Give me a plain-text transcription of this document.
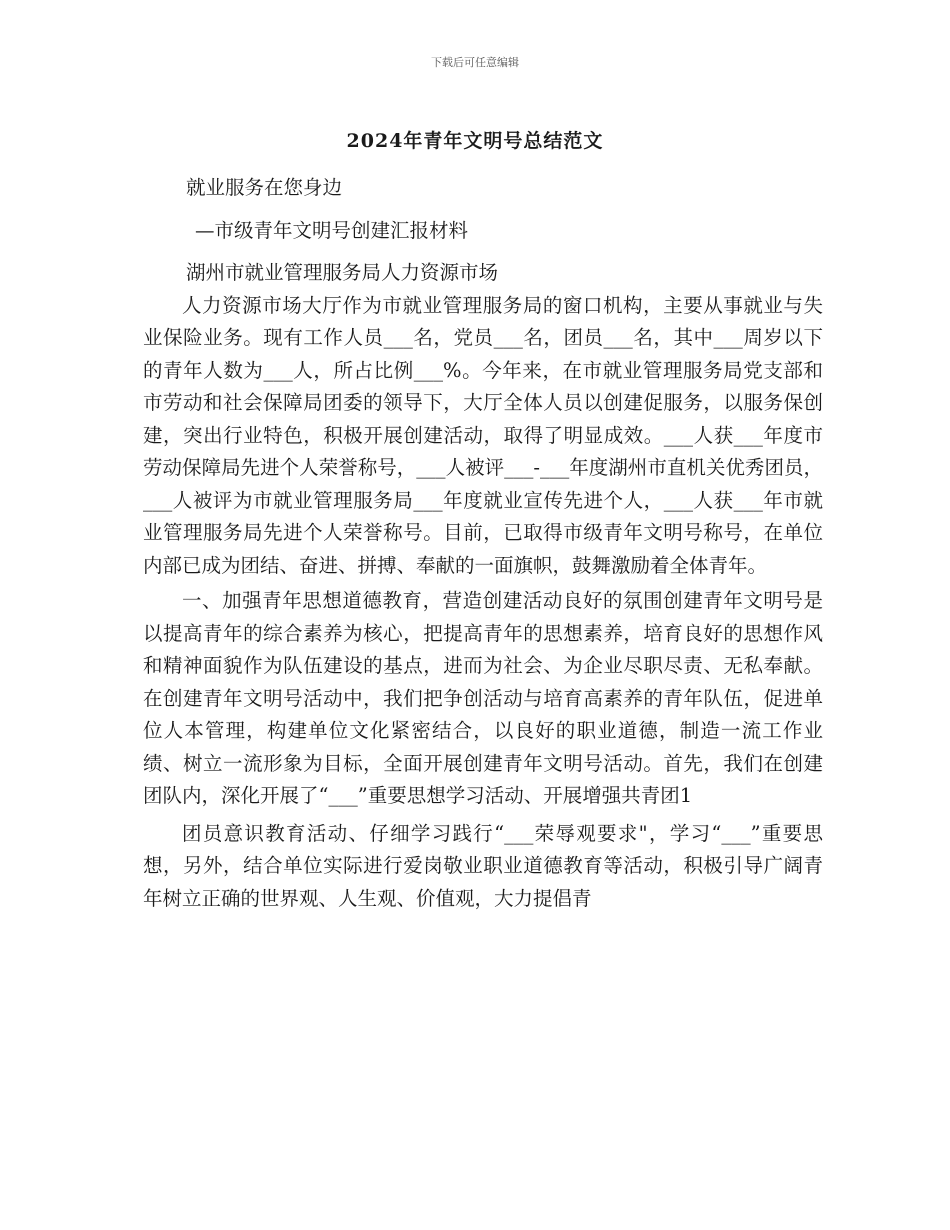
下载后可任意编辑
2024年青年文明号总结范文

就业服务在您身边

—市级青年文明号创建汇报材料

湖州市就业管理服务局人力资源市场

人力资源市场大厅作为市就业管理服务局的窗口机构，主要从事就业与失业保险业务。现有工作人员___名，党员___名，团员___名，其中___周岁以下的青年人数为___人，所占比例___%。今年来，在市就业管理服务局党支部和市劳动和社会保障局团委的领导下，大厅全体人员以创建促服务，以服务保创建，突出行业特色，积极开展创建活动，取得了明显成效。___人获___年度市劳动保障局先进个人荣誉称号，___人被评___-___年度湖州市直机关优秀团员，___人被评为市就业管理服务局___年度就业宣传先进个人，___人获___年市就业管理服务局先进个人荣誉称号。目前，已取得市级青年文明号称号，在单位内部已成为团结、奋进、拼搏、奉献的一面旗帜，鼓舞激励着全体青年。

一、加强青年思想道德教育，营造创建活动良好的氛围创建青年文明号是以提高青年的综合素养为核心，把提高青年的思想素养，培育良好的思想作风和精神面貌作为队伍建设的基点，进而为社会、为企业尽职尽责、无私奉献。在创建青年文明号活动中，我们把争创活动与培育高素养的青年队伍，促进单位人本管理，构建单位文化紧密结合，以良好的职业道德，制造一流工作业绩、树立一流形象为目标，全面开展创建青年文明号活动。首先，我们在创建团队内，深化开展了“___”重要思想学习活动、开展增强共青团1

团员意识教育活动、仔细学习践行“___荣辱观要求"，学习“___”重要思想，另外，结合单位实际进行爱岗敬业职业道德教育等活动，积极引导广阔青年树立正确的世界观、人生观、价值观，大力提倡青
